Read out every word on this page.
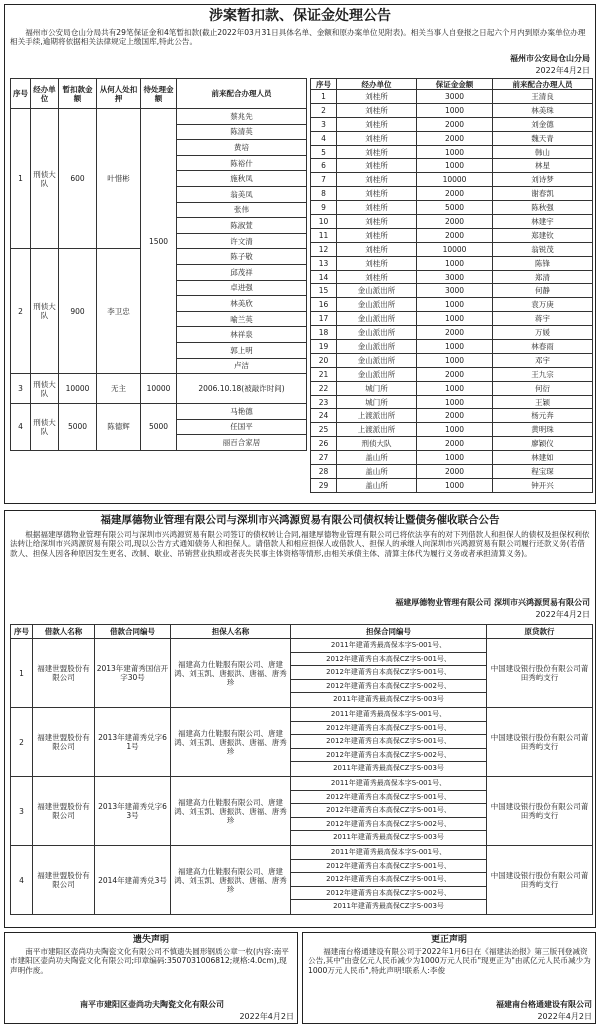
涉案暂扣款、保证金处理公告

福州市公安局仓山分局共有29笔保证金和4笔暂扣款(截止2022年03月31日具体名单、金额和原办案单位见附表)。相关当事人自登报之日起六个月内到原办案单位办理相关手续,逾期将依据相关法律规定上缴国库,特此公告。

福州市公安局仓山分局
2022年4月2日
序号	经办单位	暂扣款金额	从何人处扣押	待处理金额	前来配合办理人员
1	刑侦大队	600	叶惜彬	1500	蔡兆先
					陈清英
					黄培
					陈裕什
					施秋凤
					翁美凤
					张伟
					陈淑萱
					许文清
2	刑侦大队	900	李卫忠		陈子敬
					邱茂祥
					卓进强
					林美欣
					喻兰英
					林祥泉
					郭上明
					卢洁
3	刑侦大队	10000	无主	10000	2006.10.18(被敲诈时间)
4	刑侦大队	5000	陈德辉	5000	马艳德
					任国平
					丽百合家居
序号	经办单位	保证金金额	前来配合办理人员
1	刘桂所	3000	王清良
2	刘桂所	1000	林美珠
3	刘桂所	2000	刘金德
4	刘桂所	2000	魏天青
5	刘桂所	1000	韩山
6	刘桂所	1000	林星
7	刘桂所	10000	刘诗梦
8	刘桂所	2000	谢春凯
9	刘桂所	5000	陈秋强
10	刘桂所	2000	林建宇
11	刘桂所	2000	郑建钦
12	刘桂所	10000	翁锐茂
13	刘桂所	1000	陈锋
14	刘桂所	3000	郑清
15	金山派出所	3000	何静
16	金山派出所	1000	袁万庚
17	金山派出所	1000	蒋宇
18	金山派出所	2000	万媛
19	金山派出所	1000	林春雨
20	金山派出所	1000	邓宇
21	金山派出所	2000	王九宗
22	城门所	1000	何衍
23	城门所	1000	王颖
24	上渡派出所	2000	杨元奔
25	上渡派出所	1000	黄明珠
26	刑侦大队	2000	廖颖仪
27	盖山所	1000	林建如
28	盖山所	2000	程宝琛
29	盖山所	1000	钟开兴
福建厚德物业管理有限公司与深圳市兴鸿源贸易有限公司债权转让暨债务催收联合公告

根据福建厚德物业管理有限公司与深圳市兴鸿源贸易有限公司签订的债权转让合同,福建厚德物业管理有限公司已将依法享有的对下列借款人和担保人的债权及担保权利依法转让给深圳市兴鸿源贸易有限公司,现以公告方式通知债务人和担保人。请借款人和相应担保人或借款人、担保人的承继人向深圳市兴鸿源贸易有限公司履行还款义务(若借款人、担保人因各种原因发生更名、改制、歇业、吊销营业执照或者丧失民事主体资格等情形,由相关承债主体、清算主体代为履行义务或者承担清算义务)。

福建厚德物业管理有限公司 深圳市兴鸿源贸易有限公司
2022年4月2日
序号	借款人名称	借款合同编号	担保人名称	担保合同编号	原贷款行
1	福建世盟股份有限公司	2013年建莆秀国信开字30号	福建高力仕鞋服有限公司、唐建鸿、刘玉凯、唐振洪、唐福、唐秀珍	2011年建莆秀最高保本字S-001号、
2012年建莆秀自本高保CZ字S-001号、
2012年建莆秀自本高保CZ字S-001号、
2012年建莆秀自本高保CZ字S-002号、
2011年建莆秀最高保CZ字S-003号	中国建设银行股份有限公司莆田秀屿支行
2	福建世盟股份有限公司	2013年建莆秀兑字61号	福建高力仕鞋服有限公司、唐建鸿、刘玉凯、唐振洪、唐福、唐秀珍	2011年建莆秀最高保本字S-001号、
2012年建莆秀自本高保CZ字S-001号、
2012年建莆秀自本高保CZ字S-001号、
2012年建莆秀自本高保CZ字S-002号、
2011年建莆秀最高保CZ字S-003号	中国建设银行股份有限公司莆田秀屿支行
3	福建世盟股份有限公司	2013年建莆秀兑字63号	福建高力仕鞋服有限公司、唐建鸿、刘玉凯、唐振洪、唐福、唐秀珍	2011年建莆秀最高保本字S-001号、
2012年建莆秀自本高保CZ字S-001号、
2012年建莆秀自本高保CZ字S-001号、
2012年建莆秀自本高保CZ字S-002号、
2011年建莆秀最高保CZ字S-003号	中国建设银行股份有限公司莆田秀屿支行
4	福建世盟股份有限公司	2014年建莆秀兑3号	福建高力仕鞋服有限公司、唐建鸿、刘玉凯、唐振洪、唐福、唐秀珍	2011年建莆秀最高保本字S-001号、
2012年建莆秀自本高保CZ字S-001号、
2012年建莆秀自本高保CZ字S-001号、
2012年建莆秀自本高保CZ字S-002号、
2011年建莆秀最高保CZ字S-003号	中国建设银行股份有限公司莆田秀屿支行
遗失声明

南平市建阳区壶尚功夫陶瓷文化有限公司不慎遗失圆形钢质公章一枚(内容:南平市建阳区壶尚功夫陶瓷文化有限公司;印章编码:3507031006812;规格:4.0cm),现声明作废。

南平市建阳区壶尚功夫陶瓷文化有限公司
2022年4月2日
更正声明

福建南台格通建设有限公司于2022年1月6日在《福建法治报》第三版刊登减资公告,其中"由壹亿元人民币减少为1000万元人民币"现更正为"由贰亿元人民币减少为1000万元人民币",特此声明!联系人:李俊

福建南台格通建设有限公司
2022年4月2日
